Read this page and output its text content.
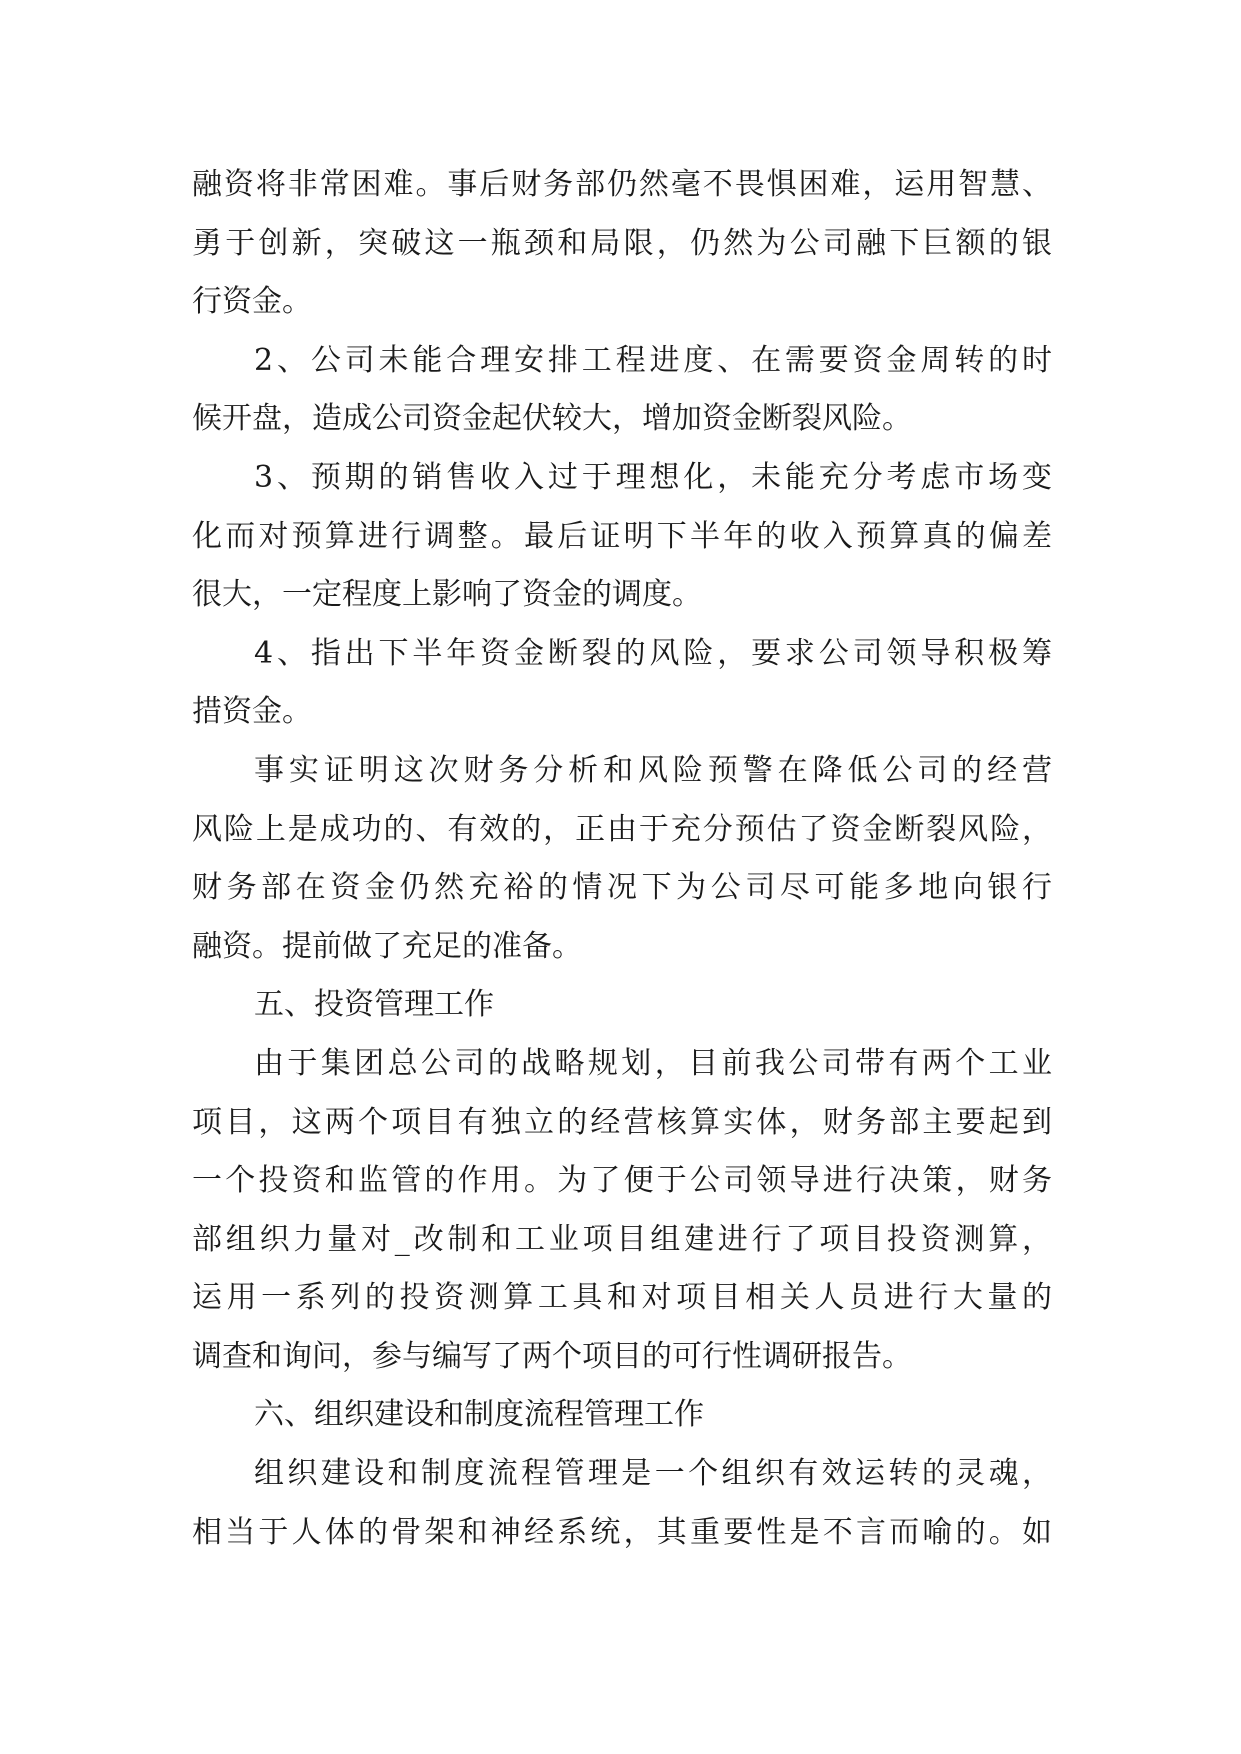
融资将非常困难。事后财务部仍然毫不畏惧困难，运用智慧、
勇于创新，突破这一瓶颈和局限，仍然为公司融下巨额的银
行资金。
2、公司未能合理安排工程进度、在需要资金周转的时
候开盘，造成公司资金起伏较大，增加资金断裂风险。
3、预期的销售收入过于理想化，未能充分考虑市场变
化而对预算进行调整。最后证明下半年的收入预算真的偏差
很大，一定程度上影响了资金的调度。
4、指出下半年资金断裂的风险，要求公司领导积极筹
措资金。
事实证明这次财务分析和风险预警在降低公司的经营
风险上是成功的、有效的，正由于充分预估了资金断裂风险，
财务部在资金仍然充裕的情况下为公司尽可能多地向银行
融资。提前做了充足的准备。
五、投资管理工作
由于集团总公司的战略规划，目前我公司带有两个工业
项目，这两个项目有独立的经营核算实体，财务部主要起到
一个投资和监管的作用。为了便于公司领导进行决策，财务
部组织力量对_改制和工业项目组建进行了项目投资测算，
运用一系列的投资测算工具和对项目相关人员进行大量的
调查和询问，参与编写了两个项目的可行性调研报告。
六、组织建设和制度流程管理工作
组织建设和制度流程管理是一个组织有效运转的灵魂，
相当于人体的骨架和神经系统，其重要性是不言而喻的。如
